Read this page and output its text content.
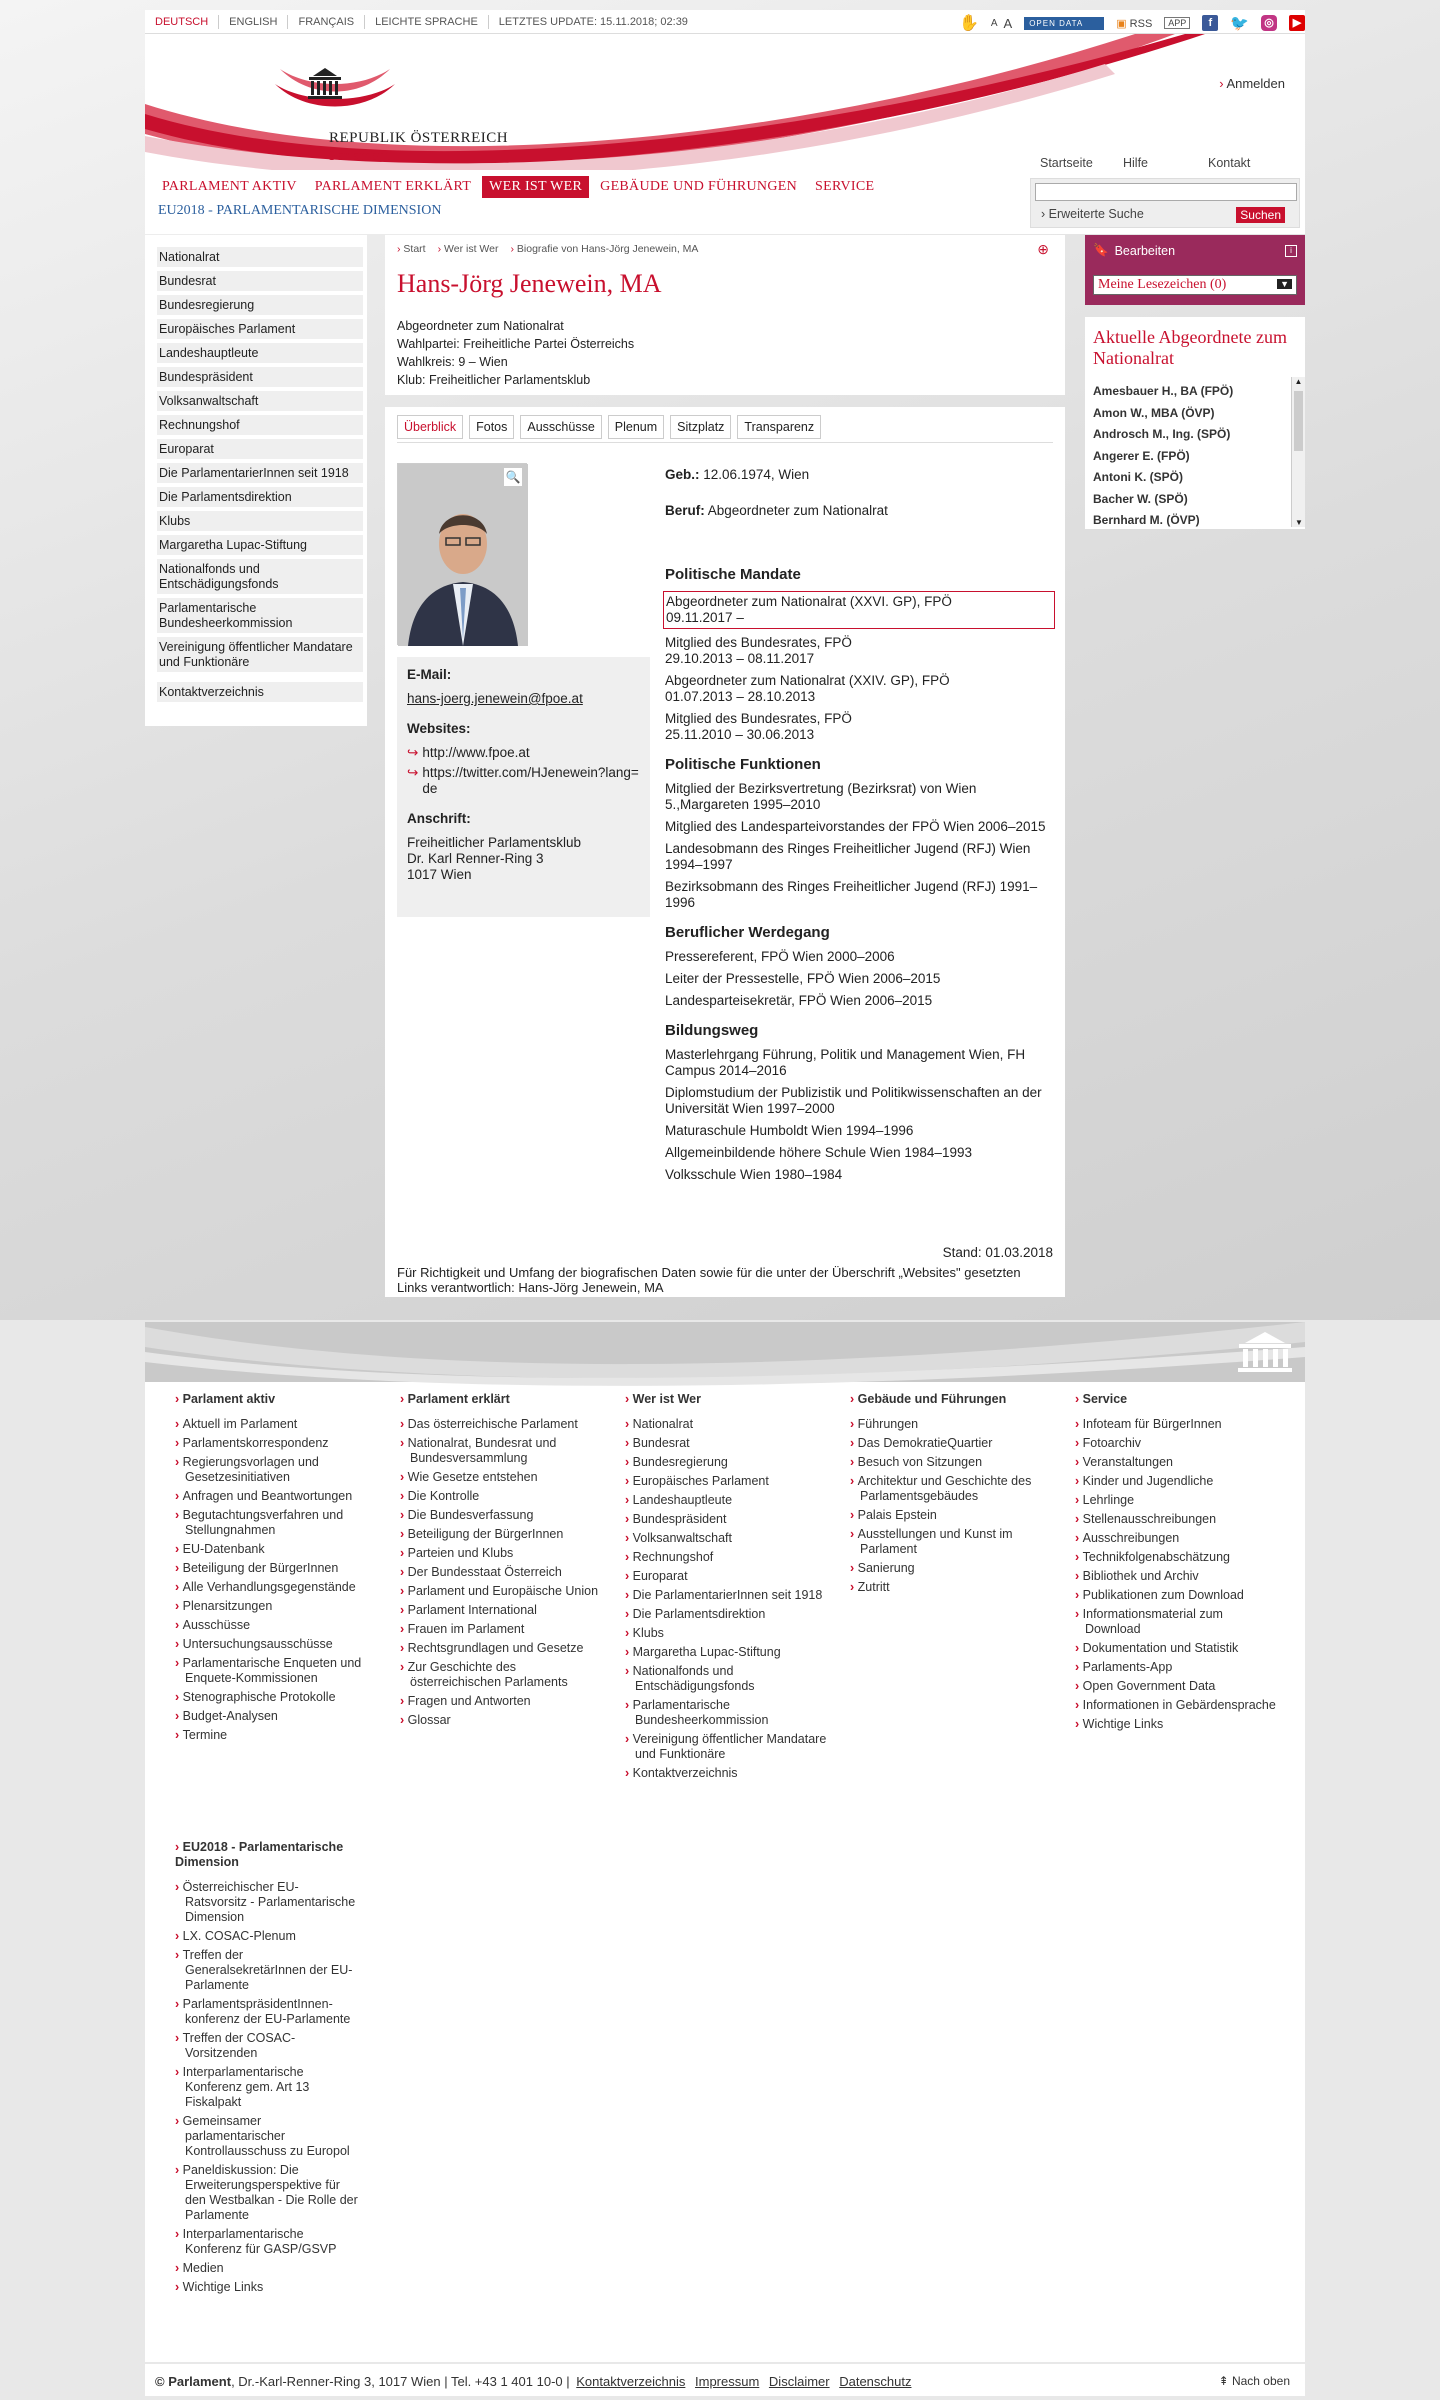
DEUTSCH	ENGLISH	FRANÇAIS	LEICHTE SPRACHE	LETZTES UPDATE: 15.11.2018; 02:39	✋ A A	OPEN DATA	▣ RSS	APP	f	🐦 ◎	▶
REPUBLIK ÖSTERREICH
Parlament
› Anmelden
Startseite	Hilfe	Kontakt
PARLAMENT AKTIV	PARLAMENT ERKLÄRT	WER IST WER	GEBÄUDE UND FÜHRUNGEN	SERVICE
EU2018 - PARLAMENTARISCHE DIMENSION	› Erweiterte Suche	Suchen
Nationalrat
Bundesrat
Bundesregierung
Europäisches Parlament
Landeshauptleute
Bundespräsident
Volksanwaltschaft
Rechnungshof
Europarat
Die ParlamentarierInnen seit 1918
Die Parlamentsdirektion
Klubs
Margaretha Lupac-Stiftung
Nationalfonds und Entschädigungsfonds
Parlamentarische Bundesheerkommission
Vereinigung öffentlicher Mandatare und Funktionäre
Kontaktverzeichnis
› Start	› Wer ist Wer	› Biografie von Hans-Jörg Jenewein, MA	⊕
Hans-Jörg Jenewein, MA
Abgeordneter zum Nationalrat
Wahlpartei: Freiheitliche Partei Österreichs
Wahlkreis: 9 – Wien
Klub: Freiheitlicher Parlamentsklub
Überblick	Fotos	Ausschüsse	Plenum	Sitzplatz	Transparenz
🔍
E-Mail:
hans-joerg.jenewein@fpoe.at
Websites:
↪ http://www.fpoe.at
↪ https://twitter.com/HJenewein?lang=de
Anschrift:
Freiheitlicher Parlamentsklub
Dr. Karl Renner-Ring 3
1017 Wien
Geb.: 12.06.1974, Wien
Beruf: Abgeordneter zum Nationalrat
Politische Mandate
Abgeordneter zum Nationalrat (XXVI. GP), FPÖ
09.11.2017 –
Mitglied des Bundesrates, FPÖ
29.10.2013 – 08.11.2017
Abgeordneter zum Nationalrat (XXIV. GP), FPÖ
01.07.2013 – 28.10.2013
Mitglied des Bundesrates, FPÖ
25.11.2010 – 30.06.2013
Politische Funktionen
Mitglied der Bezirksvertretung (Bezirksrat) von Wien 5.,Margareten 1995–2010
Mitglied des Landesparteivorstandes der FPÖ Wien 2006–2015
Landesobmann des Ringes Freiheitlicher Jugend (RFJ) Wien 1994–1997
Bezirksobmann des Ringes Freiheitlicher Jugend (RFJ) 1991–1996
Beruflicher Werdegang
Pressereferent, FPÖ Wien 2000–2006
Leiter der Pressestelle, FPÖ Wien 2006–2015
Landesparteisekretär, FPÖ Wien 2006–2015
Bildungsweg
Masterlehrgang Führung, Politik und Management Wien, FH Campus 2014–2016
Diplomstudium der Publizistik und Politikwissenschaften an der Universität Wien 1997–2000
Maturaschule Humboldt Wien 1994–1996
Allgemeinbildende höhere Schule Wien 1984–1993
Volksschule Wien 1980–1984
Stand: 01.03.2018
Für Richtigkeit und Umfang der biografischen Daten sowie für die unter der Überschrift „Websites" gesetzten Links verantwortlich: Hans-Jörg Jenewein, MA
🔖 Bearbeiten	i
Meine Lesezeichen (0)	▼
Aktuelle Abgeordnete zum Nationalrat
Amesbauer H., BA (FPÖ)
Amon W., MBA (ÖVP)
Androsch M., Ing. (SPÖ)
Angerer E. (FPÖ)
Antoni K. (SPÖ)
Bacher W. (SPÖ)
Bernhard M. (ÖVP)
▲
▼
› Parlament aktiv
› Aktuell im Parlament
› Parlamentskorrespondenz
› Regierungsvorlagen und Gesetzesinitiativen
› Anfragen und Beantwortungen
› Begutachtungsverfahren und Stellungnahmen
› EU-Datenbank
› Beteiligung der BürgerInnen
› Alle Verhandlungsgegenstände
› Plenarsitzungen
› Ausschüsse
› Untersuchungsausschüsse
› Parlamentarische Enqueten und Enquete-Kommissionen
› Stenographische Protokolle
› Budget-Analysen
› Termine
› Parlament erklärt
› Das österreichische Parlament
› Nationalrat, Bundesrat und Bundesversammlung
› Wie Gesetze entstehen
› Die Kontrolle
› Die Bundesverfassung
› Beteiligung der BürgerInnen
› Parteien und Klubs
› Der Bundesstaat Österreich
› Parlament und Europäische Union
› Parlament International
› Frauen im Parlament
› Rechtsgrundlagen und Gesetze
› Zur Geschichte des österreichischen Parlaments
› Fragen und Antworten
› Glossar
› Wer ist Wer
› Nationalrat
› Bundesrat
› Bundesregierung
› Europäisches Parlament
› Landeshauptleute
› Bundespräsident
› Volksanwaltschaft
› Rechnungshof
› Europarat
› Die ParlamentarierInnen seit 1918
› Die Parlamentsdirektion
› Klubs
› Margaretha Lupac-Stiftung
› Nationalfonds und Entschädigungsfonds
› Parlamentarische Bundesheerkommission
› Vereinigung öffentlicher Mandatare und Funktionäre
› Kontaktverzeichnis
› Gebäude und Führungen
› Führungen
› Das DemokratieQuartier
› Besuch von Sitzungen
› Architektur und Geschichte des Parlamentsgebäudes
› Palais Epstein
› Ausstellungen und Kunst im Parlament
› Sanierung
› Zutritt
› Service
› Infoteam für BürgerInnen
› Fotoarchiv
› Veranstaltungen
› Kinder und Jugendliche
› Lehrlinge
› Stellenausschreibungen
› Ausschreibungen
› Technikfolgenabschätzung
› Bibliothek und Archiv
› Publikationen zum Download
› Informationsmaterial zum Download
› Dokumentation und Statistik
› Parlaments-App
› Open Government Data
› Informationen in Gebärdensprache
› Wichtige Links
› EU2018 - Parlamentarische Dimension
› Österreichischer EU-Ratsvorsitz - Parlamentarische Dimension
› LX. COSAC-Plenum
› Treffen der GeneralsekretärInnen der EU-Parlamente
› ParlamentspräsidentInnen-konferenz der EU-Parlamente
› Treffen der COSAC-Vorsitzenden
› Interparlamentarische Konferenz gem. Art 13 Fiskalpakt
› Gemeinsamer parlamentarischer Kontrollausschuss zu Europol
› Paneldiskussion: Die Erweiterungsperspektive für den Westbalkan - Die Rolle der Parlamente
› Interparlamentarische Konferenz für GASP/GSVP
› Medien
› Wichtige Links
© Parlament, Dr.-Karl-Renner-Ring 3, 1017 Wien | Tel. +43 1 401 10-0 | Kontaktverzeichnis Impressum Disclaimer Datenschutz	⇞ Nach oben
